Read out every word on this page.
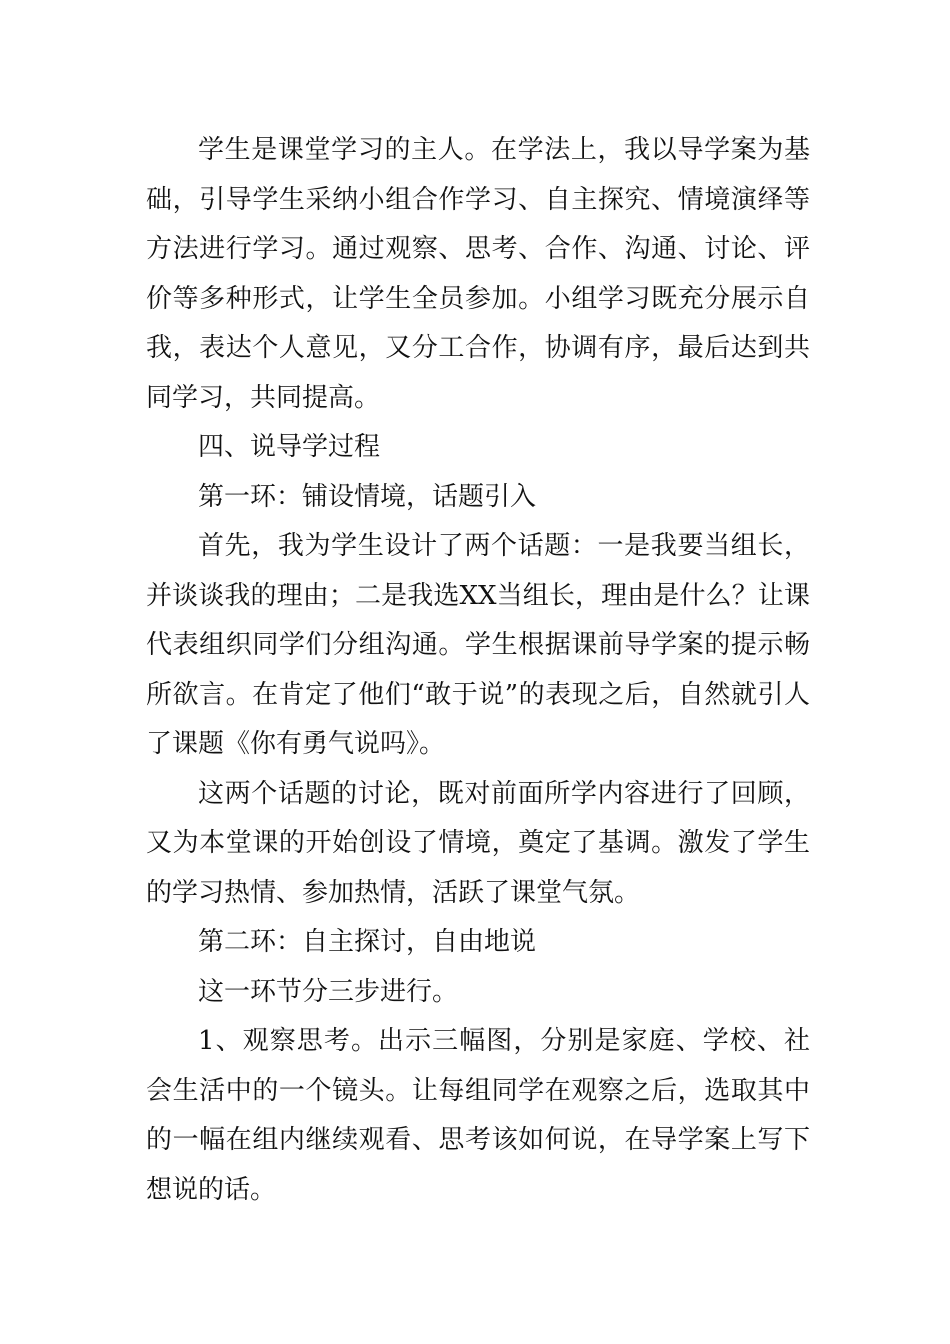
学生是课堂学习的主人。在学法上，我以导学案为基础，引导学生采纳小组合作学习、自主探究、情境演绎等方法进行学习。通过观察、思考、合作、沟通、讨论、评价等多种形式，让学生全员参加。小组学习既充分展示自我，表达个人意见，又分工合作，协调有序，最后达到共同学习，共同提高。

四、说导学过程

第一环：铺设情境，话题引入

首先，我为学生设计了两个话题：一是我要当组长，并谈谈我的理由；二是我选XX当组长，理由是什么？让课代表组织同学们分组沟通。学生根据课前导学案的提示畅所欲言。在肯定了他们“敢于说”的表现之后，自然就引人了课题《你有勇气说吗》。

这两个话题的讨论，既对前面所学内容进行了回顾，又为本堂课的开始创设了情境，奠定了基调。激发了学生的学习热情、参加热情，活跃了课堂气氛。

第二环：自主探讨，自由地说

这一环节分三步进行。

1、观察思考。出示三幅图，分别是家庭、学校、社会生活中的一个镜头。让每组同学在观察之后，选取其中的一幅在组内继续观看、思考该如何说，在导学案上写下想说的话。
